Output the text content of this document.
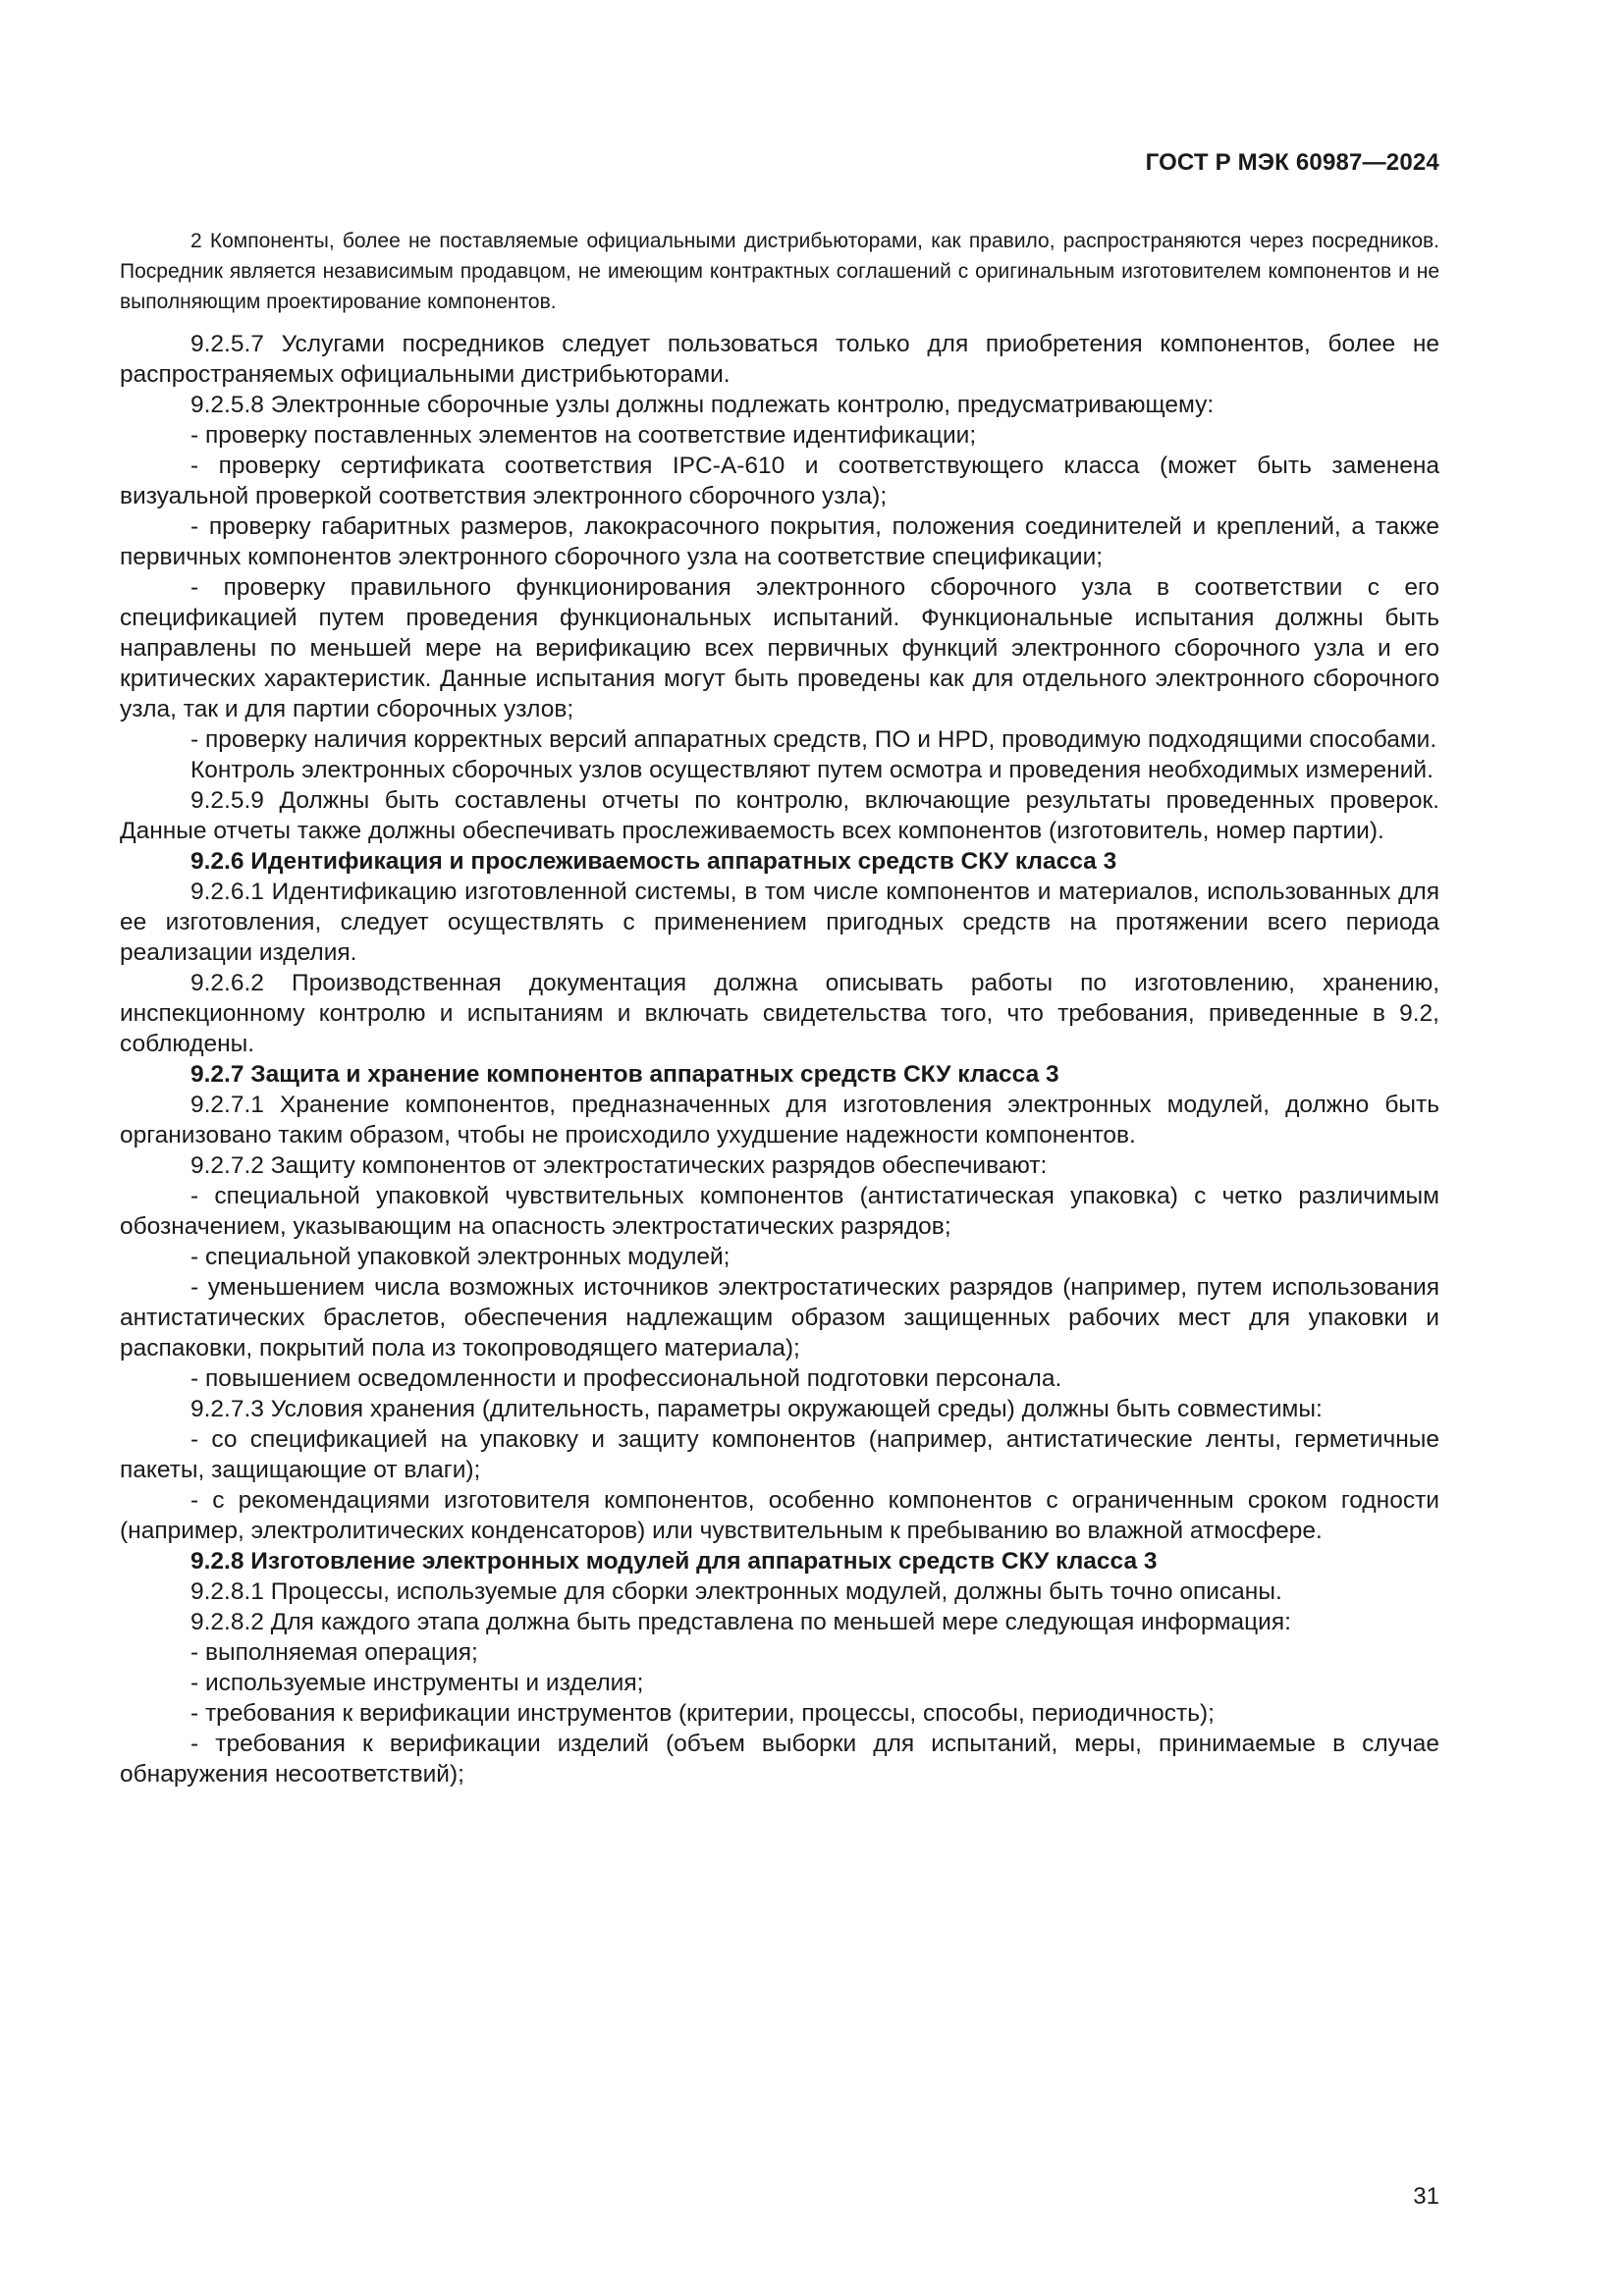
ГОСТ Р МЭК 60987—2024

2 Компоненты, более не поставляемые официальными дистрибьюторами, как правило, распространяются через посредников. Посредник является независимым продавцом, не имеющим контрактных соглашений с оригинальным изготовителем компонентов и не выполняющим проектирование компонентов.

9.2.5.7 Услугами посредников следует пользоваться только для приобретения компонентов, более не распространяемых официальными дистрибьюторами.

9.2.5.8 Электронные сборочные узлы должны подлежать контролю, предусматривающему:

- проверку поставленных элементов на соответствие идентификации;

- проверку сертификата соответствия IPC-A-610 и соответствующего класса (может быть заменена визуальной проверкой соответствия электронного сборочного узла);

- проверку габаритных размеров, лакокрасочного покрытия, положения соединителей и креплений, а также первичных компонентов электронного сборочного узла на соответствие спецификации;

- проверку правильного функционирования электронного сборочного узла в соответствии с его спецификацией путем проведения функциональных испытаний. Функциональные испытания должны быть направлены по меньшей мере на верификацию всех первичных функций электронного сборочного узла и его критических характеристик. Данные испытания могут быть проведены как для отдельного электронного сборочного узла, так и для партии сборочных узлов;

- проверку наличия корректных версий аппаратных средств, ПО и HPD, проводимую подходящими способами.

Контроль электронных сборочных узлов осуществляют путем осмотра и проведения необходимых измерений.

9.2.5.9 Должны быть составлены отчеты по контролю, включающие результаты проведенных проверок. Данные отчеты также должны обеспечивать прослеживаемость всех компонентов (изготовитель, номер партии).

9.2.6 Идентификация и прослеживаемость аппаратных средств СКУ класса 3

9.2.6.1 Идентификацию изготовленной системы, в том числе компонентов и материалов, использованных для ее изготовления, следует осуществлять с применением пригодных средств на протяжении всего периода реализации изделия.

9.2.6.2 Производственная документация должна описывать работы по изготовлению, хранению, инспекционному контролю и испытаниям и включать свидетельства того, что требования, приведенные в 9.2, соблюдены.

9.2.7 Защита и хранение компонентов аппаратных средств СКУ класса 3

9.2.7.1 Хранение компонентов, предназначенных для изготовления электронных модулей, должно быть организовано таким образом, чтобы не происходило ухудшение надежности компонентов.

9.2.7.2 Защиту компонентов от электростатических разрядов обеспечивают:

- специальной упаковкой чувствительных компонентов (антистатическая упаковка) с четко различимым обозначением, указывающим на опасность электростатических разрядов;

- специальной упаковкой электронных модулей;

- уменьшением числа возможных источников электростатических разрядов (например, путем использования антистатических браслетов, обеспечения надлежащим образом защищенных рабочих мест для упаковки и распаковки, покрытий пола из токопроводящего материала);

- повышением осведомленности и профессиональной подготовки персонала.

9.2.7.3 Условия хранения (длительность, параметры окружающей среды) должны быть совместимы:

- со спецификацией на упаковку и защиту компонентов (например, антистатические ленты, герметичные пакеты, защищающие от влаги);

- с рекомендациями изготовителя компонентов, особенно компонентов с ограниченным сроком годности (например, электролитических конденсаторов) или чувствительным к пребыванию во влажной атмосфере.

9.2.8 Изготовление электронных модулей для аппаратных средств СКУ класса 3

9.2.8.1 Процессы, используемые для сборки электронных модулей, должны быть точно описаны.

9.2.8.2 Для каждого этапа должна быть представлена по меньшей мере следующая информация:

- выполняемая операция;

- используемые инструменты и изделия;

- требования к верификации инструментов (критерии, процессы, способы, периодичность);

- требования к верификации изделий (объем выборки для испытаний, меры, принимаемые в случае обнаружения несоответствий);

31
